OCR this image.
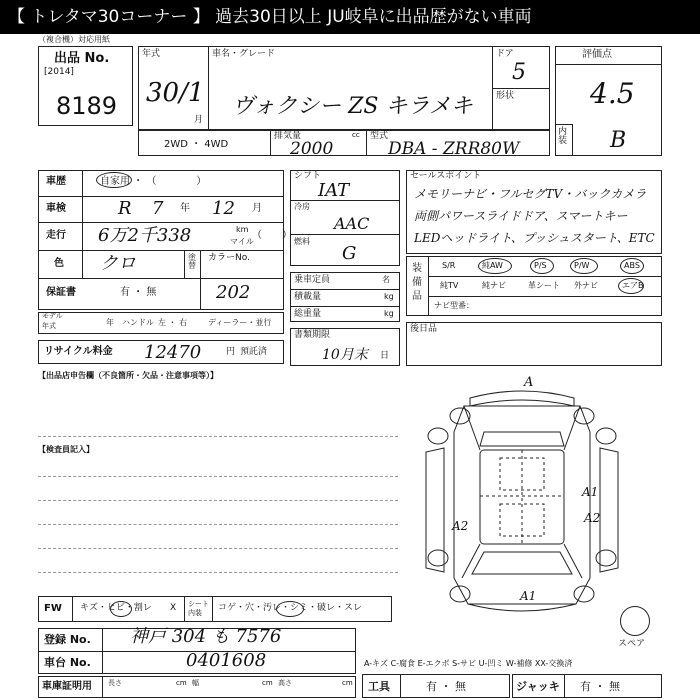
【 トレタマ30コーナー 】 過去30日以上 JU岐阜に出品歴がない車両
（複合機）対応用紙
出品 No.
[2014]
8189
年式
30/1
月
車名・グレード
ヴォクシー ZS キラメキ
ドア
5
形状
評価点
4.5
内装 B
2WD ・ 4WD
排気量	cc
2000
型式
DBA - ZRR80W
車歴	自家用 ・ （　　　　）
車検	R 7 年 12 月
走行 6万2千338	km
マイル
（　　）
色 クロ	塗替
カラーNo.
202
保証書	有 ・ 無
モデル
年式	年 ハンドル 左 ・ 右	ディーラー・並行
リサイクル料金 12470	円 預託済
シフト
IAT
冷房
AAC
燃料
G
乗車定員	名
積載量	kg
総重量	kg
書類期限
10月末 日
セールスポイント
メモリーナビ・フルセグTV・バックカメラ
両側パワースライドドア、スマートキー
LEDヘッドライト、プッシュスタート、ETC
装備品
S/R	純AW	P/S	P/W	ABS
純TV	純ナビ	革シート 外ナビ	エアB
ナビ型番：
後日品
【出品店申告欄（不良箇所・欠品・注意事項等）】
【検査員記入】
FW キズ・ヒビ・割レ X シート内装	コゲ・穴・汚レ・シミ・破レ・スレ
登録 No. 神戸 304 も 7576
車台 No.	0401608
車庫証明用 長さ	cm 幅	cm 高さ	cm
A
A1
A2
A2
A1
スペア
A-キズ C-腐食 E-エクボ S-サビ U-凹ミ W-補修 XX-交換済
工具	有 ・ 無	ジャッキ 有 ・ 無
